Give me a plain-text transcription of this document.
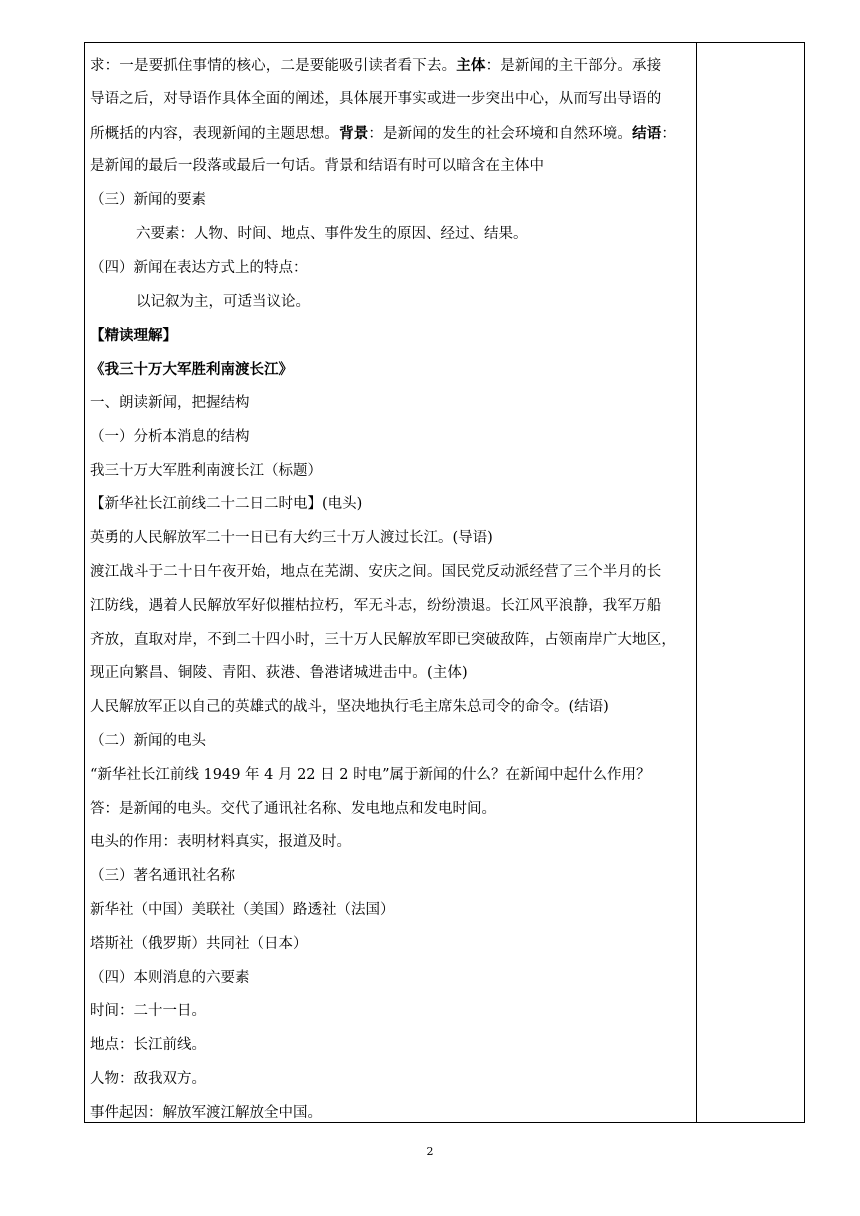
求：一是要抓住事情的核心，二是要能吸引读者看下去。主体：是新闻的主干部分。承接
导语之后，对导语作具体全面的阐述，具体展开事实或进一步突出中心，从而写出导语的
所概括的内容，表现新闻的主题思想。背景：是新闻的发生的社会环境和自然环境。结语：
是新闻的最后一段落或最后一句话。背景和结语有时可以暗含在主体中
（三）新闻的要素
六要素：人物、时间、地点、事件发生的原因、经过、结果。
（四）新闻在表达方式上的特点：
以记叙为主，可适当议论。
【精读理解】
《我三十万大军胜利南渡长江》
一、朗读新闻，把握结构
（一）分析本消息的结构
我三十万大军胜利南渡长江（标题）
【新华社长江前线二十二日二时电】(电头)
英勇的人民解放军二十一日已有大约三十万人渡过长江。(导语)
渡江战斗于二十日午夜开始，地点在芜湖、安庆之间。国民党反动派经营了三个半月的长
江防线，遇着人民解放军好似摧枯拉朽，军无斗志，纷纷溃退。长江风平浪静，我军万船
齐放，直取对岸，不到二十四小时，三十万人民解放军即已突破敌阵，占领南岸广大地区，
现正向繁昌、铜陵、青阳、荻港、鲁港诸城进击中。(主体)
人民解放军正以自己的英雄式的战斗，坚决地执行毛主席朱总司令的命令。(结语)
（二）新闻的电头
“新华社长江前线 1949 年 4 月 22 日 2 时电”属于新闻的什么？在新闻中起什么作用？
答：是新闻的电头。交代了通讯社名称、发电地点和发电时间。
电头的作用：表明材料真实，报道及时。
（三）著名通讯社名称
新华社（中国）美联社（美国）路透社（法国）
塔斯社（俄罗斯）共同社（日本）
（四）本则消息的六要素
时间：二十一日。
地点：长江前线。
人物：敌我双方。
事件起因：解放军渡江解放全中国。
2
